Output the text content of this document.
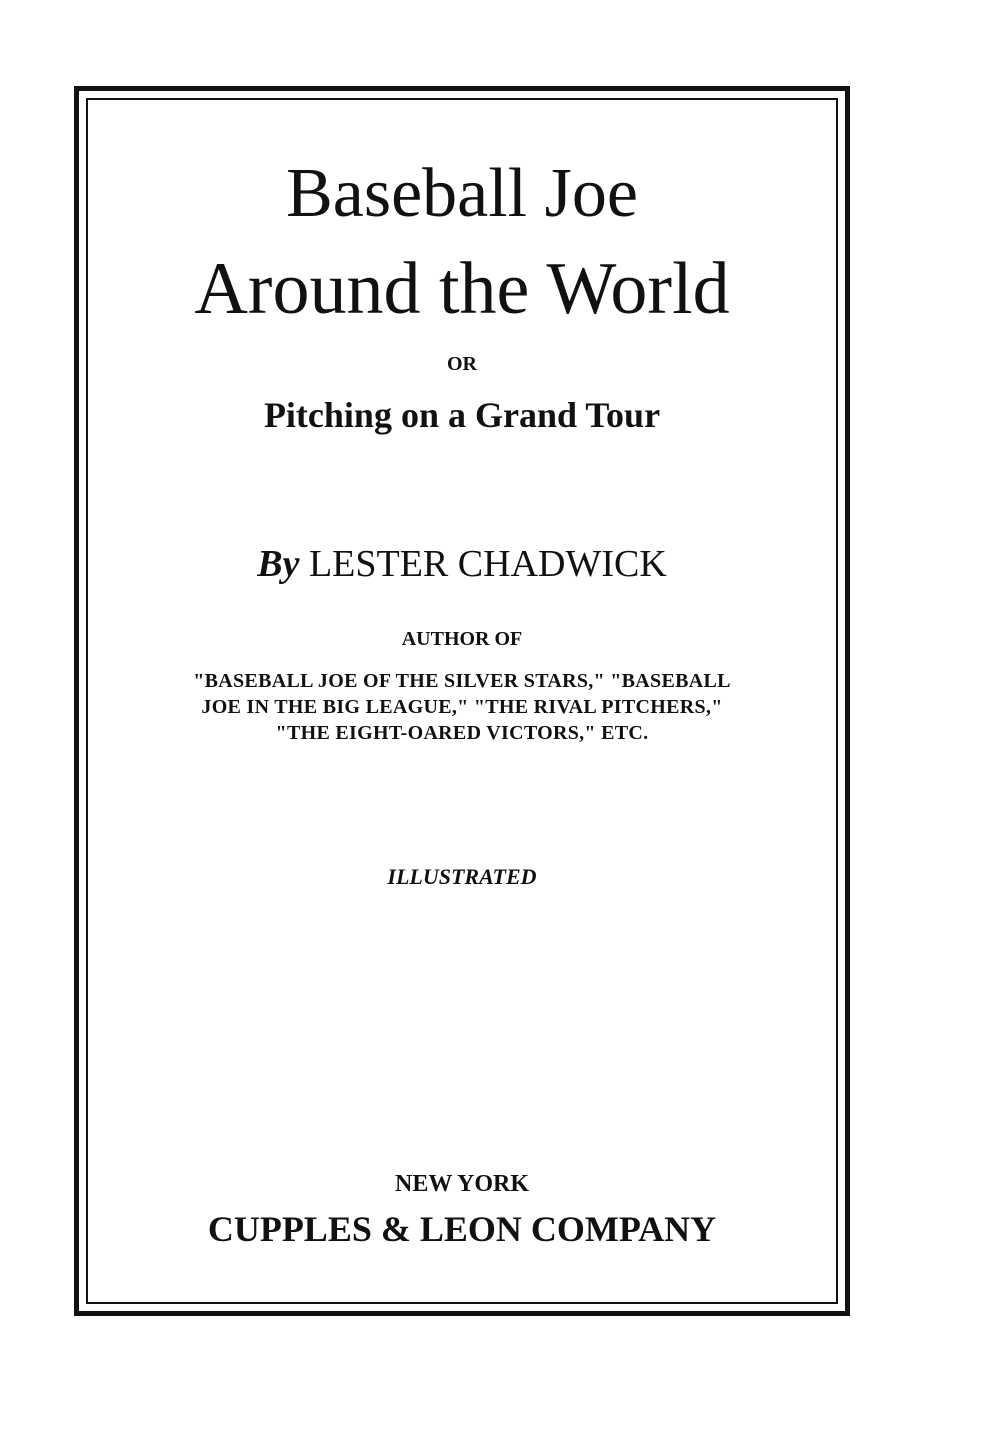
Baseball Joe
Around the World

OR

Pitching on a Grand Tour

By LESTER CHADWICK

AUTHOR OF

"BASEBALL JOE OF THE SILVER STARS," "BASEBALL
JOE IN THE BIG LEAGUE," "THE RIVAL PITCHERS,"
"THE EIGHT-OARED VICTORS," ETC.

ILLUSTRATED

NEW YORK

CUPPLES & LEON COMPANY
